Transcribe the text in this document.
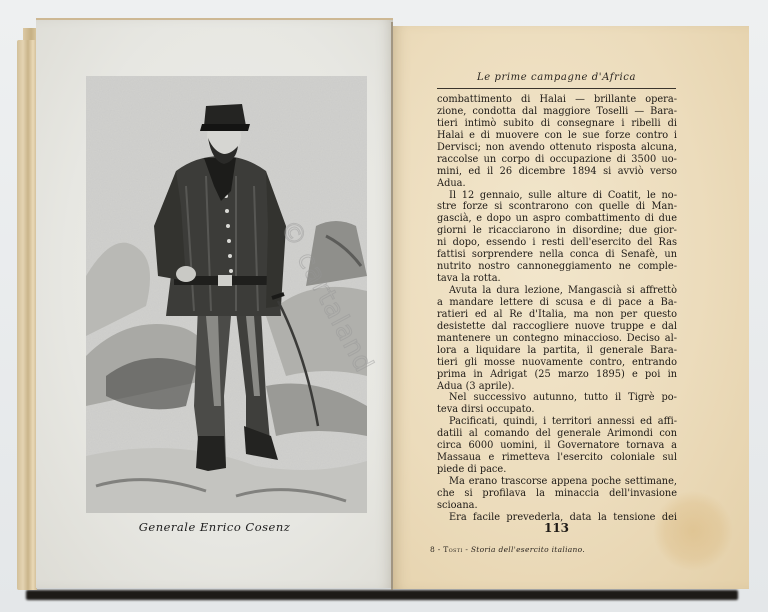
Generale Enrico Cosenz
Le prime campagne d'Africa
combattimento di Halai — brillante opera-
zione, condotta dal maggiore Toselli — Bara-
tieri intimò subito di consegnare i ribelli di
Halai e di muovere con le sue forze contro i
Dervisci; non avendo ottenuto risposta alcuna,
raccolse un corpo di occupazione di 3500 uo-
mini, ed il 26 dicembre 1894 si avviò verso
Adua.
Il 12 gennaio, sulle alture di Coatit, le no-
stre forze si scontrarono con quelle di Man-
gascià, e dopo un aspro combattimento di due
giorni le ricacciarono in disordine; due gior-
ni dopo, essendo i resti dell'esercito del Ras
fattisi sorprendere nella conca di Senafè, un
nutrito nostro cannoneggiamento ne comple-
tava la rotta.
Avuta la dura lezione, Mangascià si affrettò
a mandare lettere di scusa e di pace a Ba-
ratieri ed al Re d'Italia, ma non per questo
desistette dal raccogliere nuove truppe e dal
mantenere un contegno minaccioso. Deciso al-
lora a liquidare la partita, il generale Bara-
tieri gli mosse nuovamente contro, entrando
prima in Adrigat (25 marzo 1895) e poi in
Adua (3 aprile).
Nel successivo autunno, tutto il Tigrè po-
teva dirsi occupato.
Pacificati, quindi, i territori annessi ed affi-
datili al comando del generale Arimondi con
circa 6000 uomini, il Governatore tornava a
Massaua e rimetteva l'esercito coloniale sul
piede di pace.
Ma erano trascorse appena poche settimane,
che si profilava la minaccia dell'invasione
scioana.
Era facile prevederla, data la tensione dei
113
8 - Tosti - Storia dell'esercito italiano.
